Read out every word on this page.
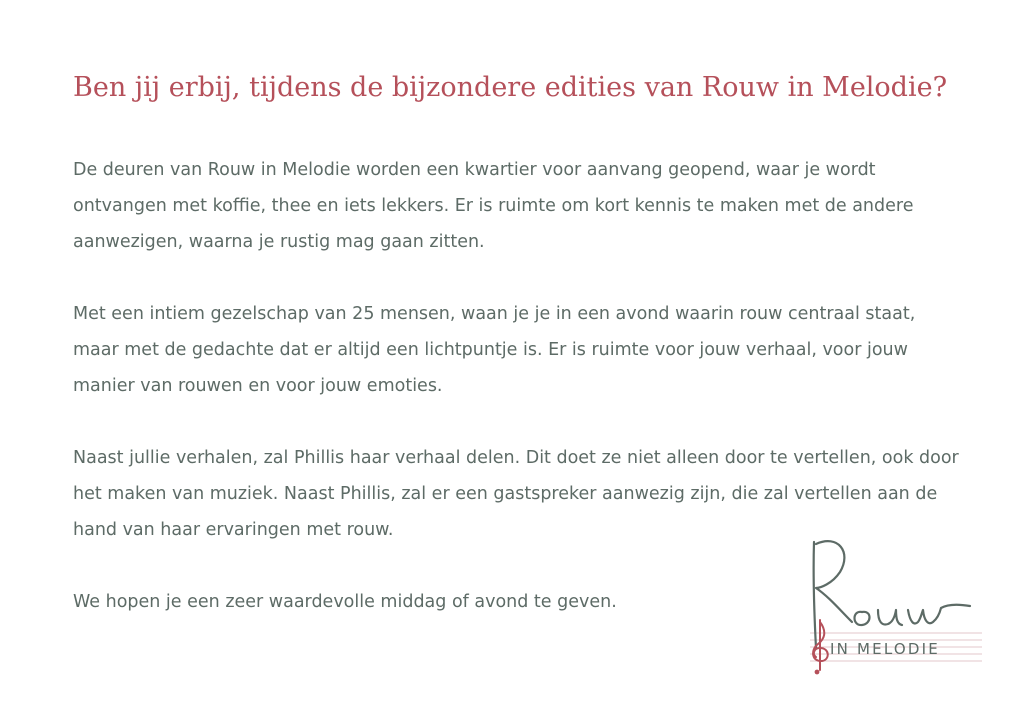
Ben jij erbij, tijdens de bijzondere edities van Rouw in Melodie?

De deuren van Rouw in Melodie worden een kwartier voor aanvang geopend, waar je wordt ontvangen met koffie, thee en iets lekkers. Er is ruimte om kort kennis te maken met de andere aanwezigen, waarna je rustig mag gaan zitten.

Met een intiem gezelschap van 25 mensen, waan je je in een avond waarin rouw centraal staat, maar met de gedachte dat er altijd een lichtpuntje is. Er is ruimte voor jouw verhaal, voor jouw manier van rouwen en voor jouw emoties.

Naast jullie verhalen, zal Phillis haar verhaal delen. Dit doet ze niet alleen door te vertellen, ook door het maken van muziek. Naast Phillis, zal er een gastspreker aanwezig zijn, die zal vertellen aan de hand van haar ervaringen met rouw.

We hopen je een zeer waardevolle middag of avond te geven.

IN MELODIE
